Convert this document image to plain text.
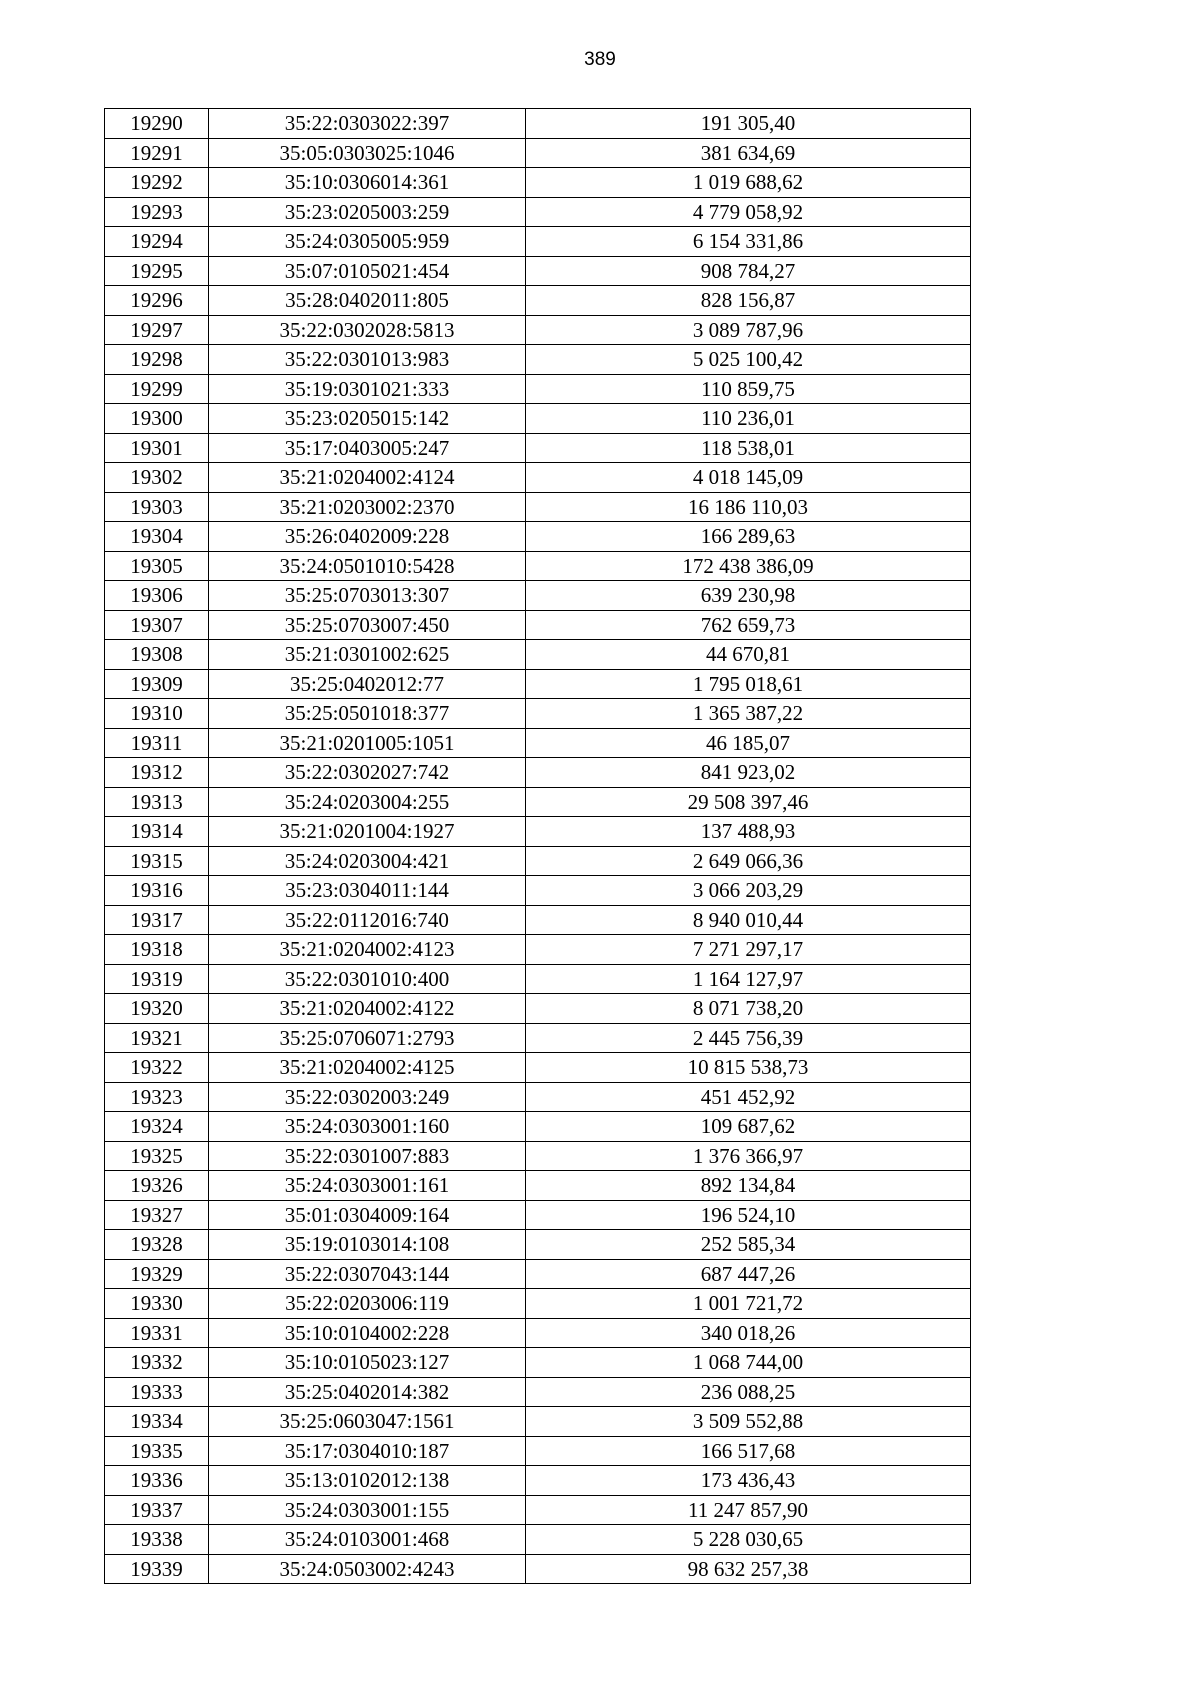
389
19290	35:22:0303022:397	191 305,40
19291	35:05:0303025:1046	381 634,69
19292	35:10:0306014:361	1 019 688,62
19293	35:23:0205003:259	4 779 058,92
19294	35:24:0305005:959	6 154 331,86
19295	35:07:0105021:454	908 784,27
19296	35:28:0402011:805	828 156,87
19297	35:22:0302028:5813	3 089 787,96
19298	35:22:0301013:983	5 025 100,42
19299	35:19:0301021:333	110 859,75
19300	35:23:0205015:142	110 236,01
19301	35:17:0403005:247	118 538,01
19302	35:21:0204002:4124	4 018 145,09
19303	35:21:0203002:2370	16 186 110,03
19304	35:26:0402009:228	166 289,63
19305	35:24:0501010:5428	172 438 386,09
19306	35:25:0703013:307	639 230,98
19307	35:25:0703007:450	762 659,73
19308	35:21:0301002:625	44 670,81
19309	35:25:0402012:77	1 795 018,61
19310	35:25:0501018:377	1 365 387,22
19311	35:21:0201005:1051	46 185,07
19312	35:22:0302027:742	841 923,02
19313	35:24:0203004:255	29 508 397,46
19314	35:21:0201004:1927	137 488,93
19315	35:24:0203004:421	2 649 066,36
19316	35:23:0304011:144	3 066 203,29
19317	35:22:0112016:740	8 940 010,44
19318	35:21:0204002:4123	7 271 297,17
19319	35:22:0301010:400	1 164 127,97
19320	35:21:0204002:4122	8 071 738,20
19321	35:25:0706071:2793	2 445 756,39
19322	35:21:0204002:4125	10 815 538,73
19323	35:22:0302003:249	451 452,92
19324	35:24:0303001:160	109 687,62
19325	35:22:0301007:883	1 376 366,97
19326	35:24:0303001:161	892 134,84
19327	35:01:0304009:164	196 524,10
19328	35:19:0103014:108	252 585,34
19329	35:22:0307043:144	687 447,26
19330	35:22:0203006:119	1 001 721,72
19331	35:10:0104002:228	340 018,26
19332	35:10:0105023:127	1 068 744,00
19333	35:25:0402014:382	236 088,25
19334	35:25:0603047:1561	3 509 552,88
19335	35:17:0304010:187	166 517,68
19336	35:13:0102012:138	173 436,43
19337	35:24:0303001:155	11 247 857,90
19338	35:24:0103001:468	5 228 030,65
19339	35:24:0503002:4243	98 632 257,38
